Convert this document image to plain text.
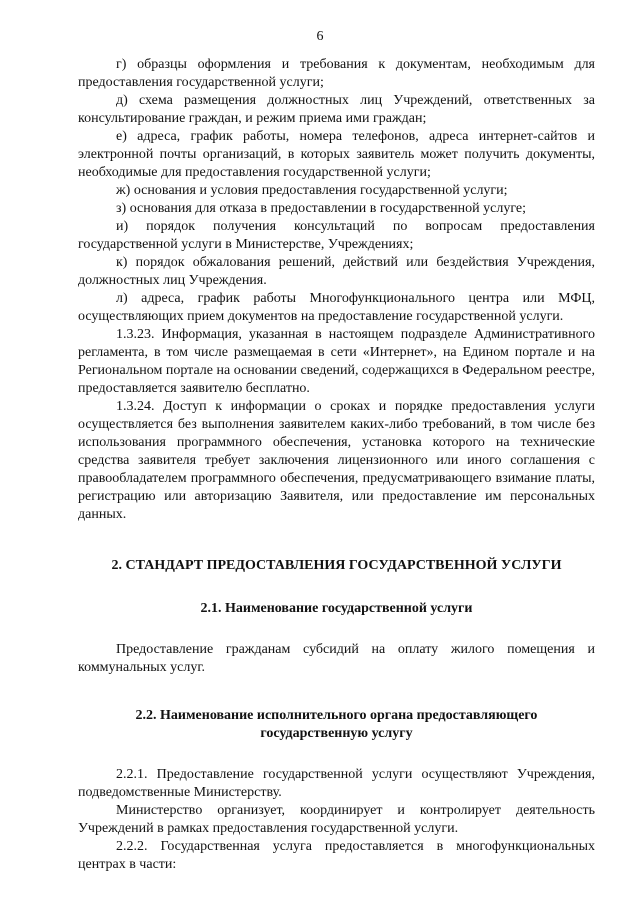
6

г) образцы оформления и требования к документам, необходимым для предоставления государственной услуги;

д) схема размещения должностных лиц Учреждений, ответственных за консультирование граждан, и режим приема ими граждан;

е) адреса, график работы, номера телефонов, адреса интернет-сайтов и электронной почты организаций, в которых заявитель может получить документы, необходимые для предоставления государственной услуги;

ж) основания и условия предоставления государственной услуги;

з) основания для отказа в предоставлении в государственной услуге;

и) порядок получения консультаций по вопросам предоставления государственной услуги в Министерстве, Учреждениях;

к) порядок обжалования решений, действий или бездействия Учреждения, должностных лиц Учреждения.

л) адреса, график работы Многофункционального центра или МФЦ, осуществляющих прием документов на предоставление государственной услуги.

1.3.23. Информация, указанная в настоящем подразделе Административного регламента, в том числе размещаемая в сети «Интернет», на Едином портале и на Региональном портале на основании сведений, содержащихся в Федеральном реестре, предоставляется заявителю бесплатно.

1.3.24. Доступ к информации о сроках и порядке предоставления услуги осуществляется без выполнения заявителем каких-либо требований, в том числе без использования программного обеспечения, установка которого на технические средства заявителя требует заключения лицензионного или иного соглашения с правообладателем программного обеспечения, предусматривающего взимание платы, регистрацию или авторизацию Заявителя, или предоставление им персональных данных.

2. СТАНДАРТ ПРЕДОСТАВЛЕНИЯ ГОСУДАРСТВЕННОЙ УСЛУГИ
2.1. Наименование государственной услуги

Предоставление гражданам субсидий на оплату жилого помещения и коммунальных услуг.

2.2. Наименование исполнительного органа предоставляющего
государственную услугу

2.2.1. Предоставление государственной услуги осуществляют Учреждения, подведомственные Министерству.

Министерство организует, координирует и контролирует деятельность Учреждений в рамках предоставления государственной услуги.

2.2.2. Государственная услуга предоставляется в многофункциональных центрах в части:
